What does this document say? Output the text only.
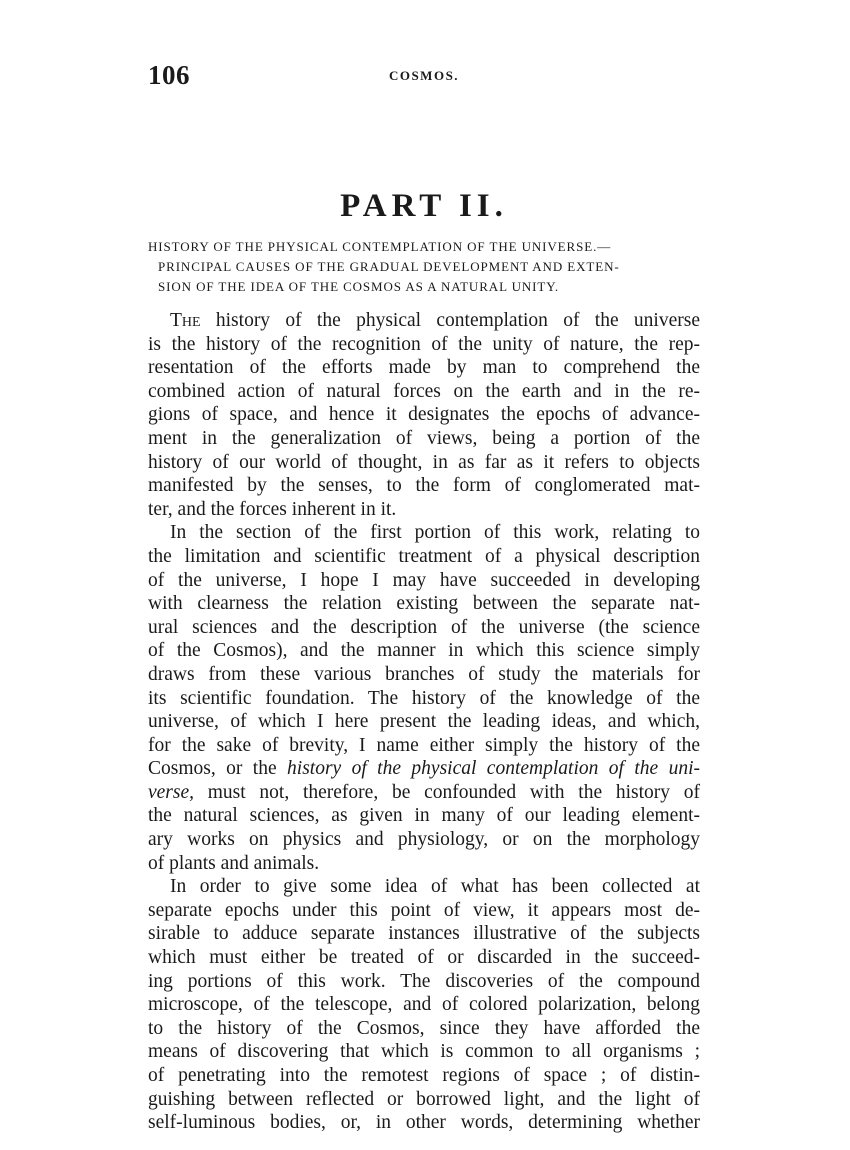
106	COSMOS.
PART II.

HISTORY OF THE PHYSICAL CONTEMPLATION OF THE UNIVERSE.—
PRINCIPAL CAUSES OF THE GRADUAL DEVELOPMENT AND EXTEN-
SION OF THE IDEA OF THE COSMOS AS A NATURAL UNITY.

The history of the physical contemplation of the universe
is the history of the recognition of the unity of nature, the rep-
resentation of the efforts made by man to comprehend the
combined action of natural forces on the earth and in the re-
gions of space, and hence it designates the epochs of advance-
ment in the generalization of views, being a portion of the
history of our world of thought, in as far as it refers to objects
manifested by the senses, to the form of conglomerated mat-
ter, and the forces inherent in it.
In the section of the first portion of this work, relating to
the limitation and scientific treatment of a physical description
of the universe, I hope I may have succeeded in developing
with clearness the relation existing between the separate nat-
ural sciences and the description of the universe (the science
of the Cosmos), and the manner in which this science simply
draws from these various branches of study the materials for
its scientific foundation. The history of the knowledge of the
universe, of which I here present the leading ideas, and which,
for the sake of brevity, I name either simply the history of the
Cosmos, or the history of the physical contemplation of the uni-
verse, must not, therefore, be confounded with the history of
the natural sciences, as given in many of our leading element-
ary works on physics and physiology, or on the morphology
of plants and animals.
In order to give some idea of what has been collected at
separate epochs under this point of view, it appears most de-
sirable to adduce separate instances illustrative of the subjects
which must either be treated of or discarded in the succeed-
ing portions of this work. The discoveries of the compound
microscope, of the telescope, and of colored polarization, belong
to the history of the Cosmos, since they have afforded the
means of discovering that which is common to all organisms ;
of penetrating into the remotest regions of space ; of distin-
guishing between reflected or borrowed light, and the light of
self-luminous bodies, or, in other words, determining whether
